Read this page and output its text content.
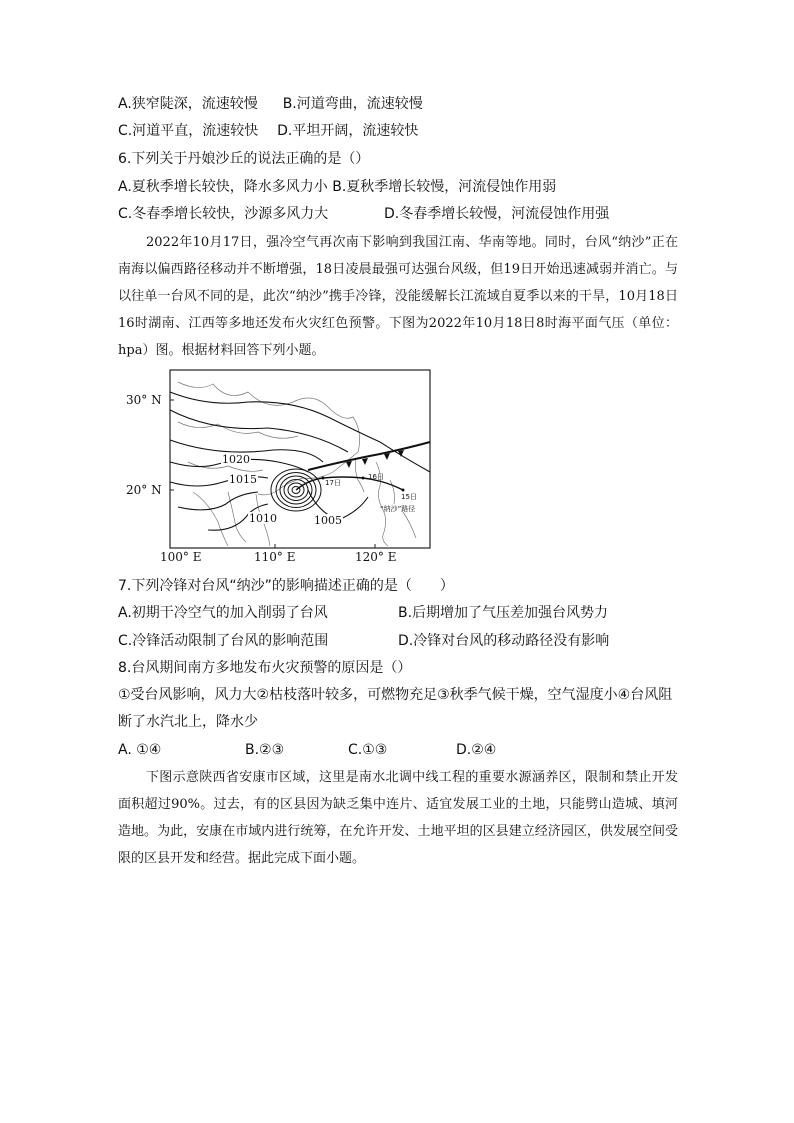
A.狭窄陡深，流速较慢 B.河道弯曲，流速较慢
C.河道平直，流速较快 D.平坦开阔，流速较快
6.下列关于丹娘沙丘的说法正确的是（）
A.夏秋季增长较快，降水多风力小 B.夏秋季增长较慢，河流侵蚀作用弱
C.冬春季增长较快，沙源多风力大	D.冬春季增长较慢，河流侵蚀作用强
2022年10月17日，强冷空气再次南下影响到我国江南、华南等地。同时，台风“纳沙”正在南海以偏西路径移动并不断增强，18日凌晨最强可达强台风级，但19日开始迅速减弱并消亡。与以往单一台风不同的是，此次“纳沙”携手冷锋，没能缓解长江流域自夏季以来的干旱，10月18日16时湖南、江西等多地还发布火灾红色预警。下图为2022年10月18日8时海平面气压（单位：hpa）图。根据材料回答下列小题。
30° N
20° N
100° E	110° E	120° E
1020
1015
1010	1005
17日
16日
15日
“纳沙”路径
7.下列冷锋对台风“纳沙”的影响描述正确的是（　　）
A.初期干冷空气的加入削弱了台风	B.后期增加了气压差加强台风势力
C.冷锋活动限制了台风的影响范围	D.冷锋对台风的移动路径没有影响
8.台风期间南方多地发布火灾预警的原因是（）
①受台风影响，风力大②枯枝落叶较多，可燃物充足③秋季气候干燥，空气湿度小④台风阻
断了水汽北上，降水少
A. ①④	B.②③	C.①③	D.②④
下图示意陕西省安康市区域，这里是南水北调中线工程的重要水源涵养区，限制和禁止开发面积超过90%。过去，有的区县因为缺乏集中连片、适宜发展工业的土地，只能劈山造城、填河造地。为此，安康在市域内进行统筹，在允许开发、土地平坦的区县建立经济园区，供发展空间受限的区县开发和经营。据此完成下面小题。
